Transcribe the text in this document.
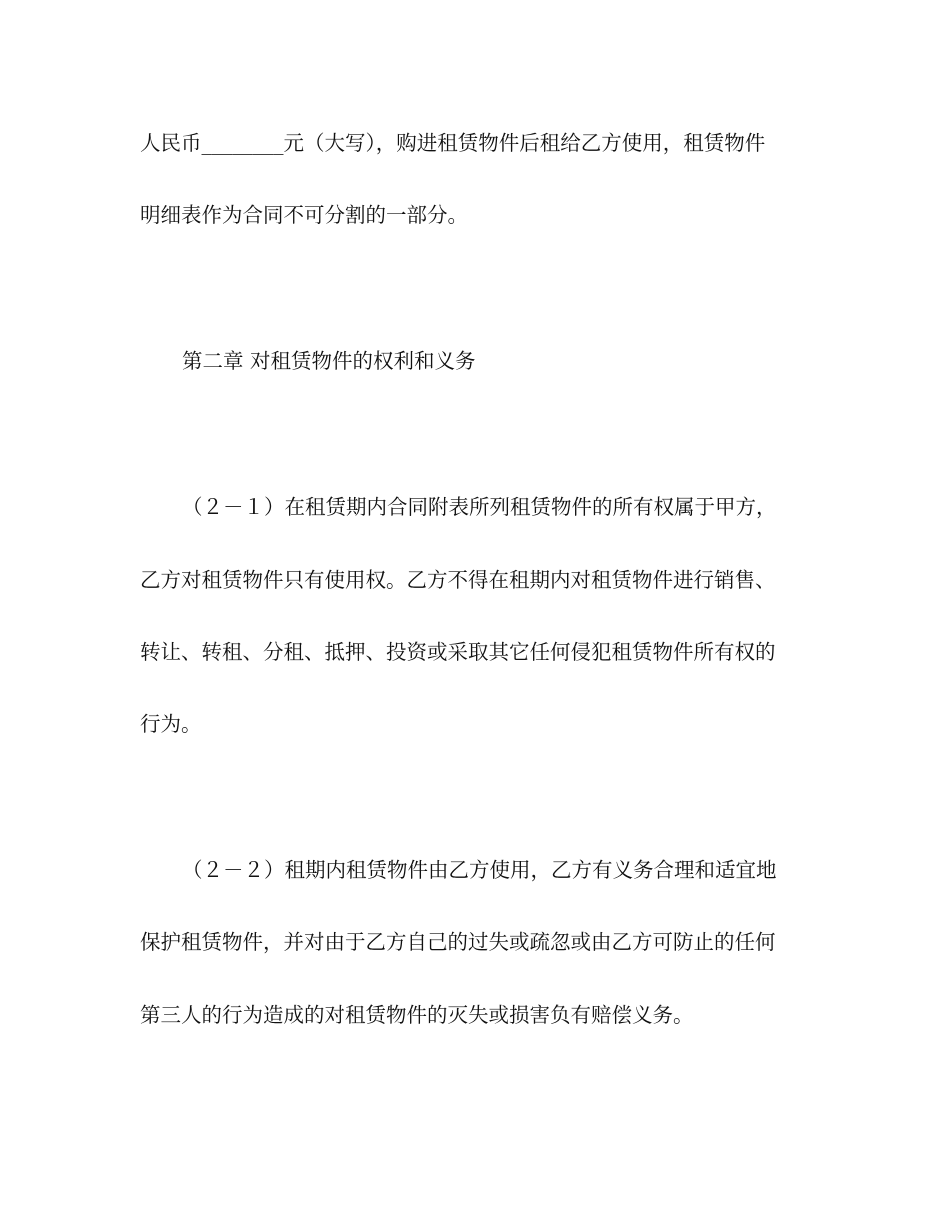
人民币________元（大写），购进租赁物件后租给乙方使用，租赁物件
明细表作为合同不可分割的一部分。
第二章 对租赁物件的权利和义务
（２－１）在租赁期内合同附表所列租赁物件的所有权属于甲方，
乙方对租赁物件只有使用权。乙方不得在租期内对租赁物件进行销售、
转让、转租、分租、抵押、投资或采取其它任何侵犯租赁物件所有权的
行为。
（２－２）租期内租赁物件由乙方使用，乙方有义务合理和适宜地
保护租赁物件，并对由于乙方自己的过失或疏忽或由乙方可防止的任何
第三人的行为造成的对租赁物件的灭失或损害负有赔偿义务。
